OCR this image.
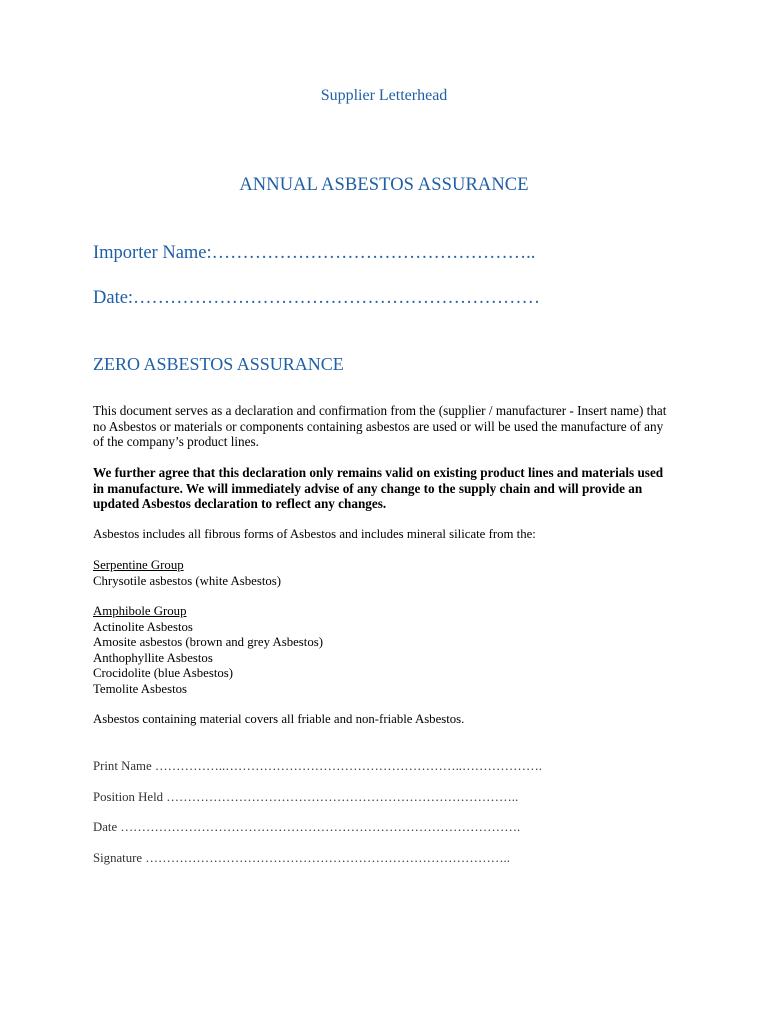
Supplier Letterhead
ANNUAL ASBESTOS ASSURANCE
Importer Name:……………………………………………..
Date:…………………………………………………………
ZERO ASBESTOS ASSURANCE
This document serves as a declaration and confirmation from the (supplier / manufacturer - Insert name) that no Asbestos or materials or components containing asbestos are used or will be used the manufacture of any of the company’s product lines.
We further agree that this declaration only remains valid on existing product lines and materials used in manufacture. We will immediately advise of any change to the supply chain and will provide an updated Asbestos declaration to reflect any changes.
Asbestos includes all fibrous forms of Asbestos and includes mineral silicate from the:
Serpentine Group
Chrysotile asbestos (white Asbestos)
Amphibole Group
Actinolite Asbestos
Amosite asbestos (brown and grey Asbestos)
Anthophyllite Asbestos
Crocidolite (blue Asbestos)
Temolite Asbestos
Asbestos containing material covers all friable and non-friable Asbestos.
Print Name ……………..………………………………………………..……………….
Position Held ………………………………………………………………………..
Date ………………………………………………………………………………….
Signature …………………………………………………………………………..
